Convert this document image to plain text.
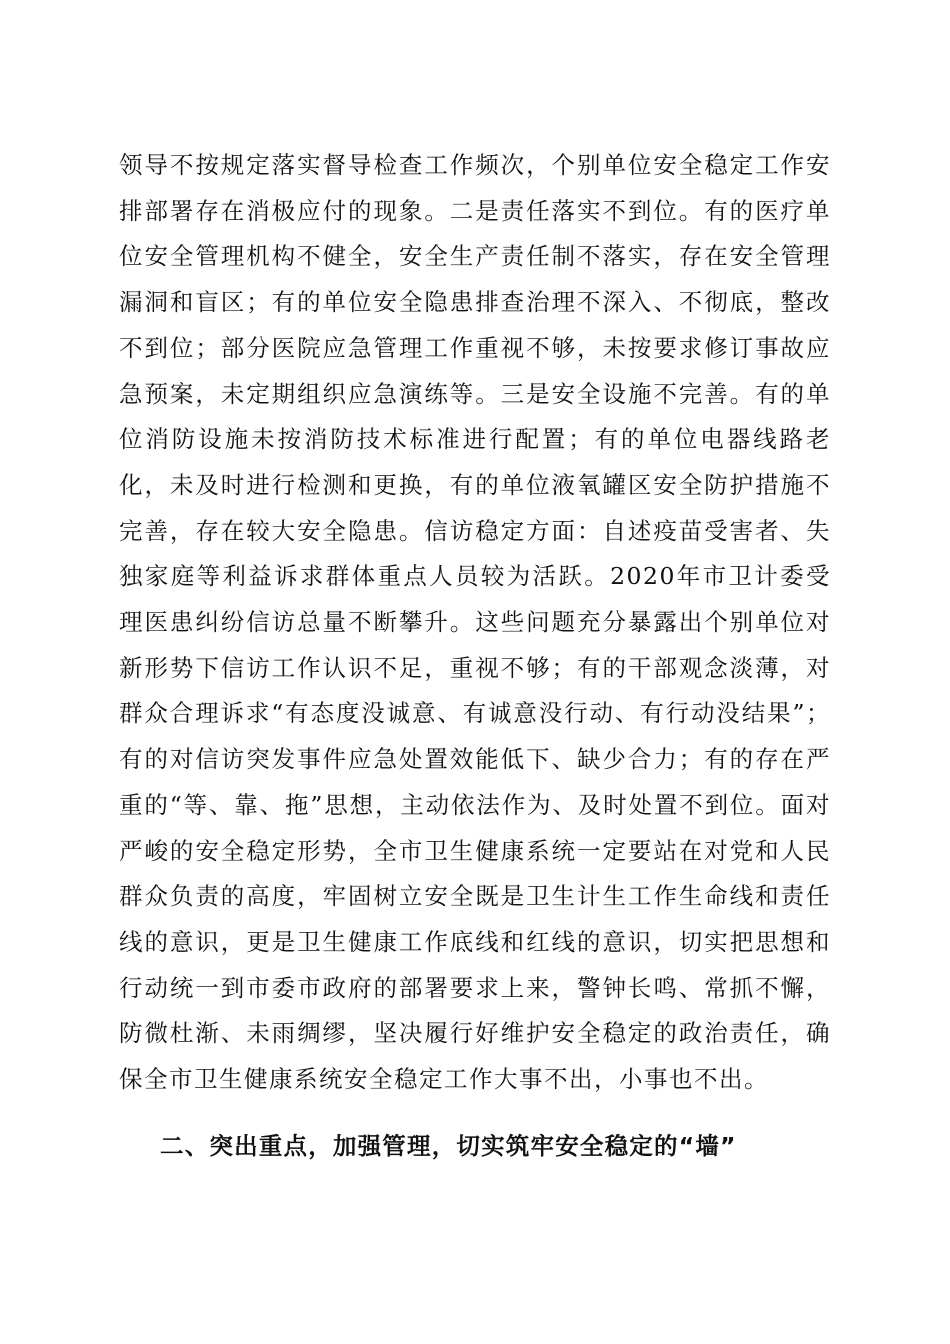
领导不按规定落实督导检查工作频次，个别单位安全稳定工作安排部署存在消极应付的现象。二是责任落实不到位。有的医疗单位安全管理机构不健全，安全生产责任制不落实，存在安全管理漏洞和盲区；有的单位安全隐患排查治理不深入、不彻底，整改不到位；部分医院应急管理工作重视不够，未按要求修订事故应急预案，未定期组织应急演练等。三是安全设施不完善。有的单位消防设施未按消防技术标准进行配置；有的单位电器线路老化，未及时进行检测和更换，有的单位液氧罐区安全防护措施不完善，存在较大安全隐患。信访稳定方面：自述疫苗受害者、失独家庭等利益诉求群体重点人员较为活跃。2020年市卫计委受理医患纠纷信访总量不断攀升。这些问题充分暴露出个别单位对新形势下信访工作认识不足，重视不够；有的干部观念淡薄，对群众合理诉求“有态度没诚意、有诚意没行动、有行动没结果”；有的对信访突发事件应急处置效能低下、缺少合力；有的存在严重的“等、靠、拖”思想，主动依法作为、及时处置不到位。面对严峻的安全稳定形势，全市卫生健康系统一定要站在对党和人民群众负责的高度，牢固树立安全既是卫生计生工作生命线和责任线的意识，更是卫生健康工作底线和红线的意识，切实把思想和行动统一到市委市政府的部署要求上来，警钟长鸣、常抓不懈，防微杜渐、未雨绸缪，坚决履行好维护安全稳定的政治责任，确保全市卫生健康系统安全稳定工作大事不出，小事也不出。

二、突出重点，加强管理，切实筑牢安全稳定的“墙”
